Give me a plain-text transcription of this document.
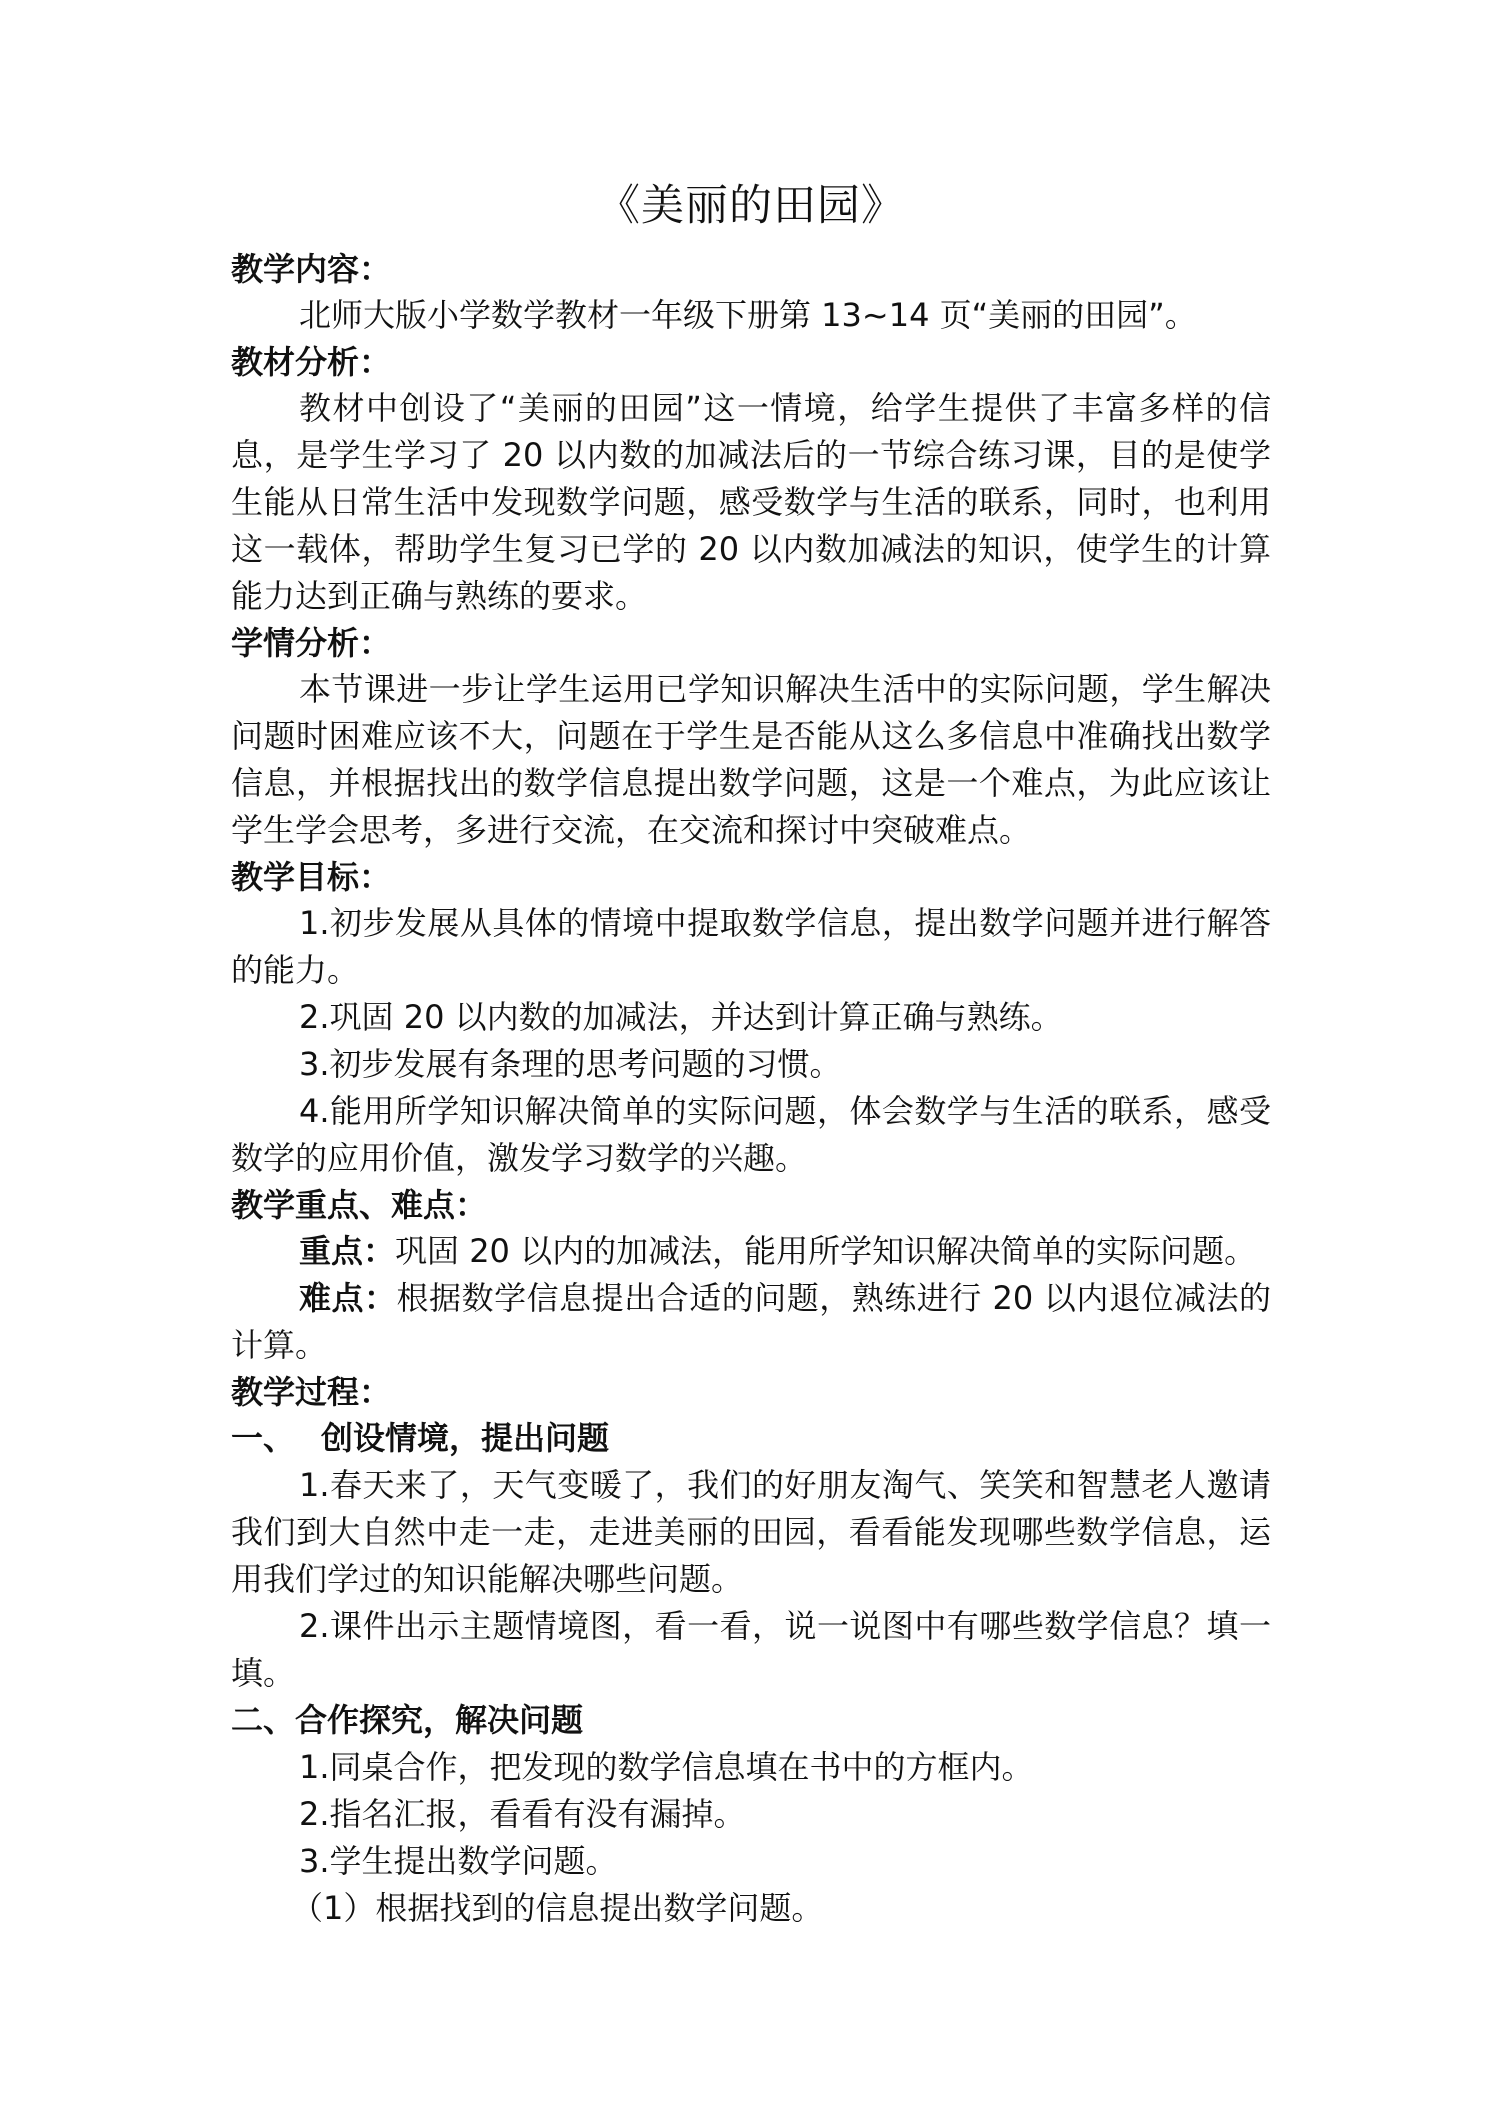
《美丽的田园》

教学内容：

北师大版小学数学教材一年级下册第 13~14 页“美丽的田园”。

教材分析：

教材中创设了“美丽的田园”这一情境，给学生提供了丰富多样的信息，是学生学习了 20 以内数的加减法后的一节综合练习课，目的是使学生能从日常生活中发现数学问题，感受数学与生活的联系，同时，也利用这一载体，帮助学生复习已学的 20 以内数加减法的知识，使学生的计算能力达到正确与熟练的要求。

学情分析：

本节课进一步让学生运用已学知识解决生活中的实际问题，学生解决问题时困难应该不大，问题在于学生是否能从这么多信息中准确找出数学信息，并根据找出的数学信息提出数学问题，这是一个难点，为此应该让学生学会思考，多进行交流，在交流和探讨中突破难点。

教学目标：

1.初步发展从具体的情境中提取数学信息，提出数学问题并进行解答的能力。

2.巩固 20 以内数的加减法，并达到计算正确与熟练。

3.初步发展有条理的思考问题的习惯。

4.能用所学知识解决简单的实际问题，体会数学与生活的联系，感受数学的应用价值，激发学习数学的兴趣。

教学重点、难点：

重点：巩固 20 以内的加减法，能用所学知识解决简单的实际问题。

难点：根据数学信息提出合适的问题，熟练进行 20 以内退位减法的计算。

教学过程：

一、 创设情境，提出问题

1.春天来了，天气变暖了，我们的好朋友淘气、笑笑和智慧老人邀请我们到大自然中走一走，走进美丽的田园，看看能发现哪些数学信息，运用我们学过的知识能解决哪些问题。

2.课件出示主题情境图，看一看，说一说图中有哪些数学信息？填一填。

二、合作探究，解决问题

1.同桌合作，把发现的数学信息填在书中的方框内。

2.指名汇报，看看有没有漏掉。

3.学生提出数学问题。

（1）根据找到的信息提出数学问题。
